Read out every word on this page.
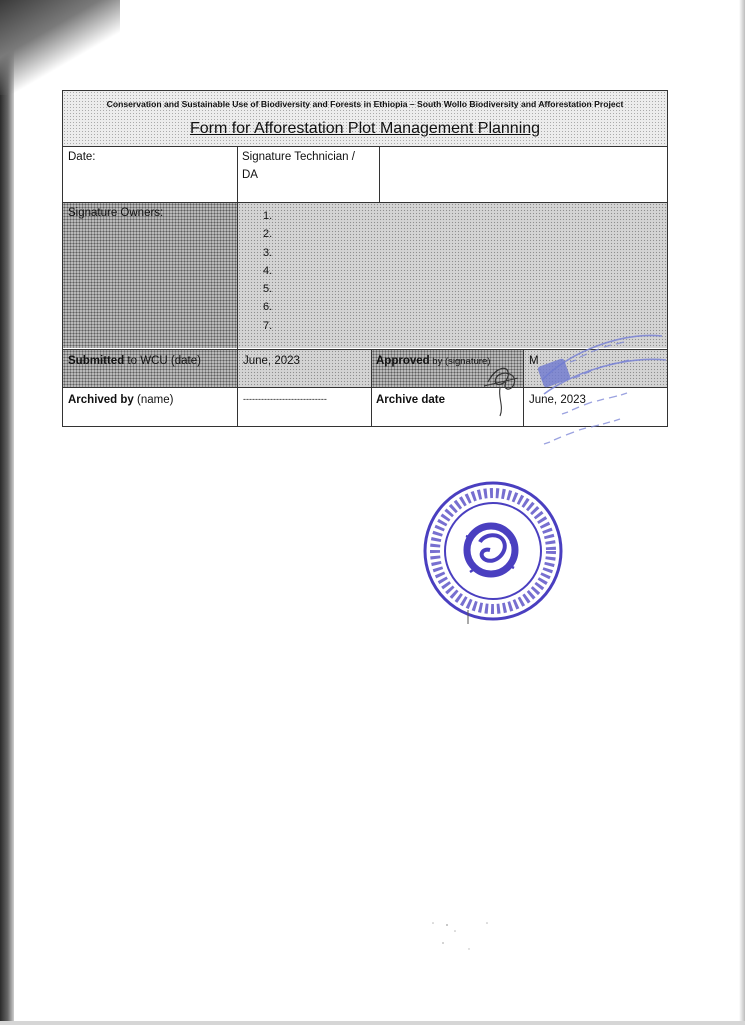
Conservation and Sustainable Use of Biodiversity and Forests in Ethiopia – South Wollo Biodiversity and Afforestation Project
Form for Afforestation Plot Management Planning
Date:	Signature Technician /
DA
Signature Owners:	1.
2.
3.
4.
5.
6.
7.
Submitted to WCU (date)	June, 2023	Approved by (signature)	M
Archived by (name)	----------------------------	Archive date	June, 2023
